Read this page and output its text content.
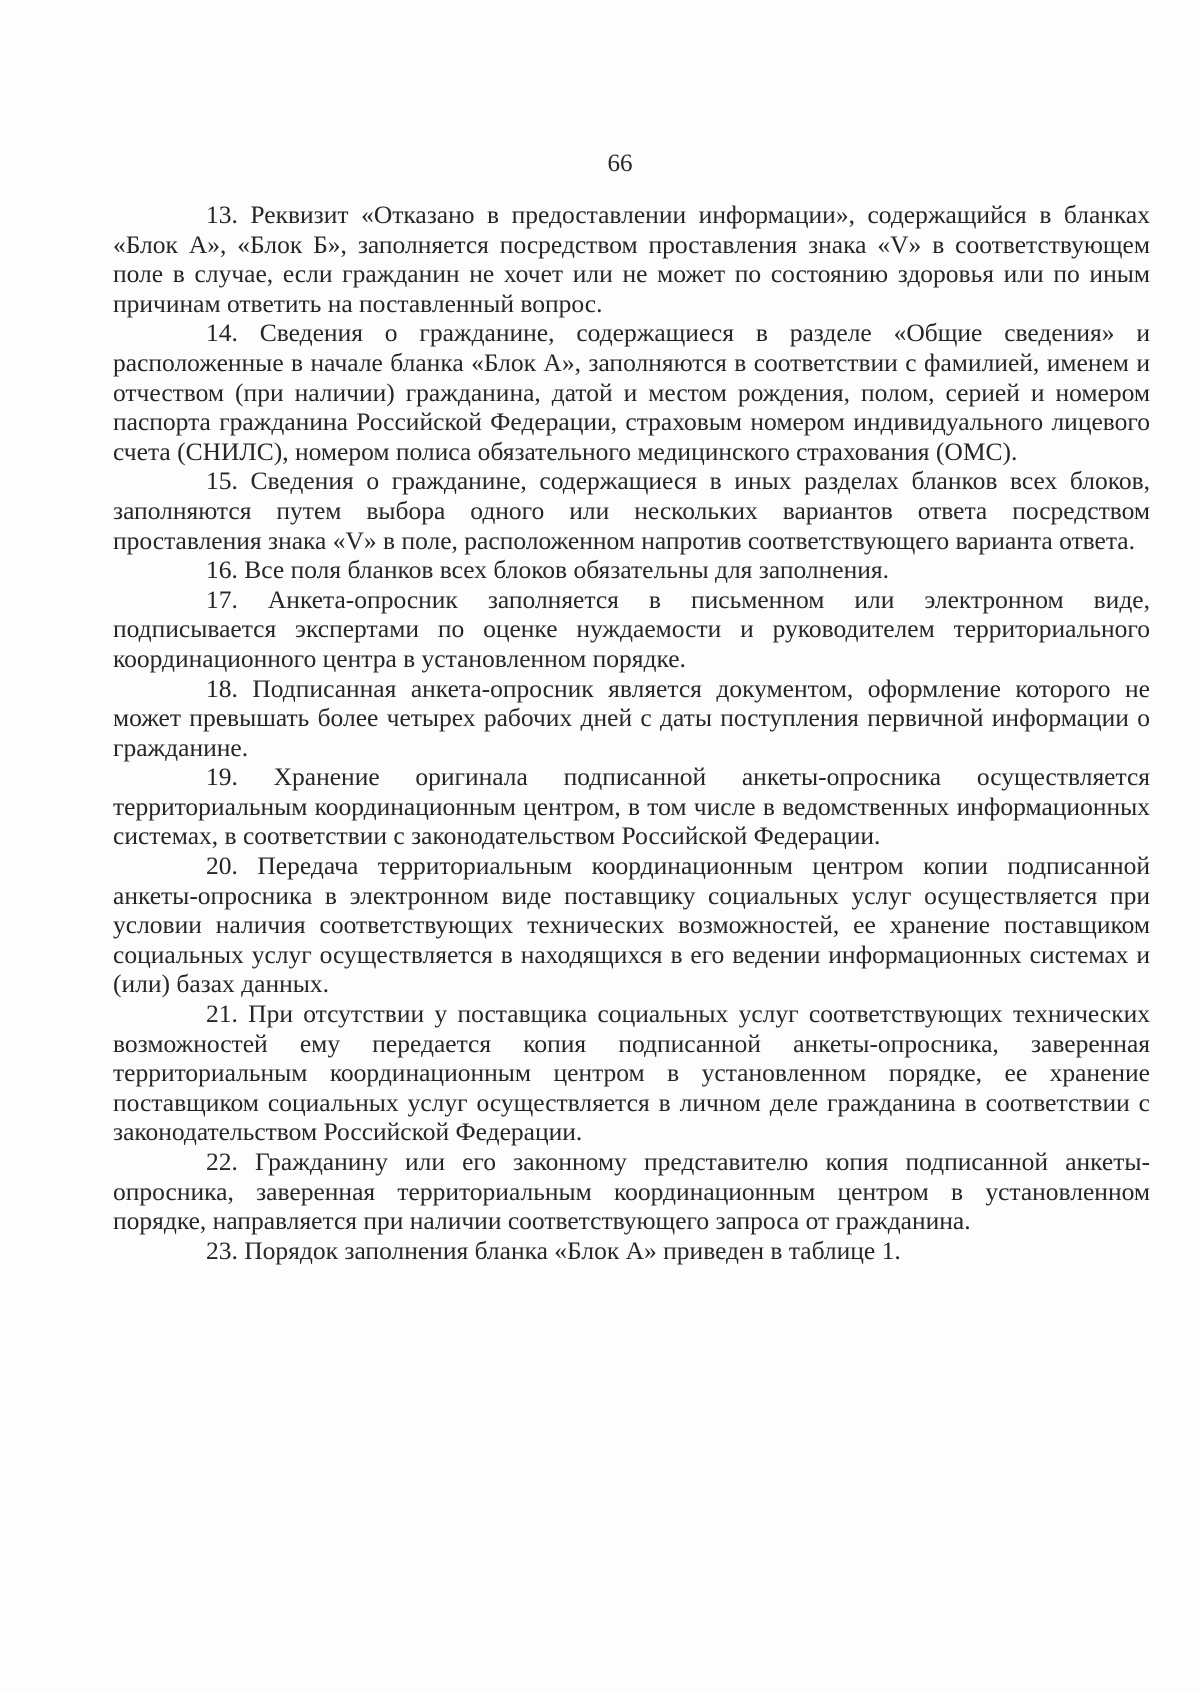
66

13. Реквизит «Отказано в предоставлении информации», содержащийся в бланках «Блок А», «Блок Б», заполняется посредством проставления знака «V» в соответствующем поле в случае, если гражданин не хочет или не может по состоянию здоровья или по иным причинам ответить на поставленный вопрос.

14. Сведения о гражданине, содержащиеся в разделе «Общие сведения» и расположенные в начале бланка «Блок А», заполняются в соответствии с фамилией, именем и отчеством (при наличии) гражданина, датой и местом рождения, полом, серией и номером паспорта гражданина Российской Федерации, страховым номером индивидуального лицевого счета (СНИЛС), номером полиса обязательного медицинского страхования (ОМС).

15. Сведения о гражданине, содержащиеся в иных разделах бланков всех блоков, заполняются путем выбора одного или нескольких вариантов ответа посредством проставления знака «V» в поле, расположенном напротив соответствующего варианта ответа.

16. Все поля бланков всех блоков обязательны для заполнения.

17. Анкета-опросник заполняется в письменном или электронном виде, подписывается экспертами по оценке нуждаемости и руководителем территориального координационного центра в установленном порядке.

18. Подписанная анкета-опросник является документом, оформление которого не может превышать более четырех рабочих дней с даты поступления первичной информации о гражданине.

19. Хранение оригинала подписанной анкеты-опросника осуществляется территориальным координационным центром, в том числе в ведомственных информационных системах, в соответствии с законодательством Российской Федерации.

20. Передача территориальным координационным центром копии подписанной анкеты-опросника в электронном виде поставщику социальных услуг осуществляется при условии наличия соответствующих технических возможностей, ее хранение поставщиком социальных услуг осуществляется в находящихся в его ведении информационных системах и (или) базах данных.

21. При отсутствии у поставщика социальных услуг соответствующих технических возможностей ему передается копия подписанной анкеты-опросника, заверенная территориальным координационным центром в установленном порядке, ее хранение поставщиком социальных услуг осуществляется в личном деле гражданина в соответствии с законодательством Российской Федерации.

22. Гражданину или его законному представителю копия подписанной анкеты-опросника, заверенная территориальным координационным центром в установленном порядке, направляется при наличии соответствующего запроса от гражданина.

23. Порядок заполнения бланка «Блок А» приведен в таблице 1.
